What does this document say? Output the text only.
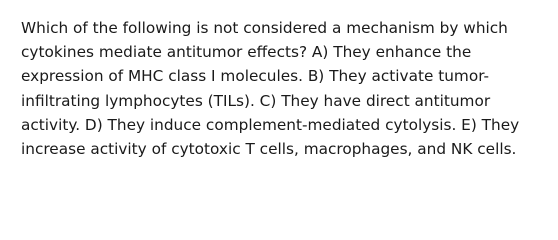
Which of the following is not considered a mechanism by which
cytokines mediate antitumor effects? A) They enhance the
expression of MHC class I molecules. B) They activate tumor-
infiltrating lymphocytes (TILs). C) They have direct antitumor
activity. D) They induce complement-mediated cytolysis. E) They
increase activity of cytotoxic T cells, macrophages, and NK cells.
